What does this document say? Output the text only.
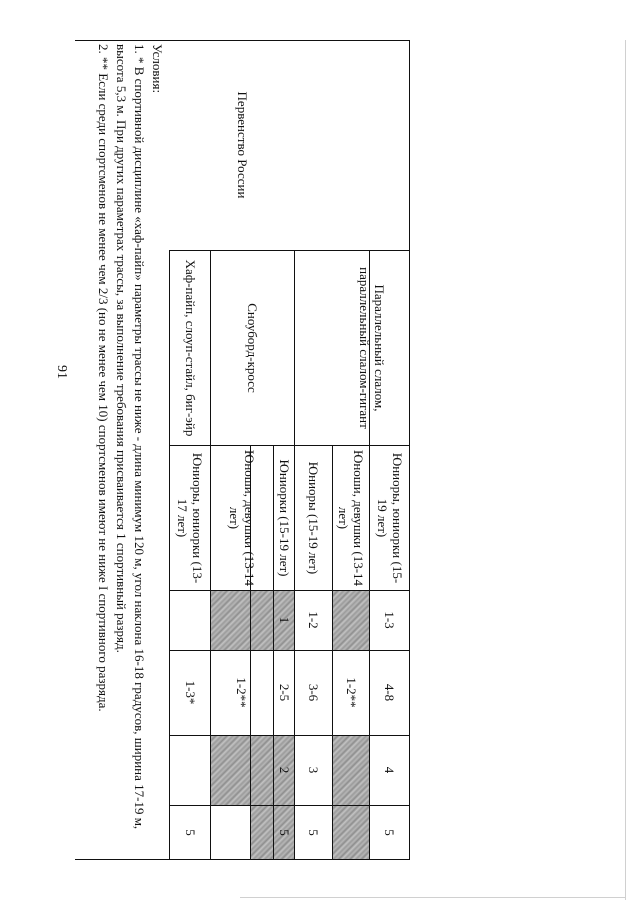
91
Первенство России
Параллельный слалом, параллельный слалом-гигант
Сноуборд-кросс
Хаф-пайп, слоуп-стайл, биг-эйр
Юниоры, юниорки (15-19 лет)
1-3
4-8
4
5
Юноши, девушки (13-14 лет)
1-2**
Юниоры (15-19 лет)
1-2
3-6
3
5
Юниорки (15-19 лет)
1
2-5
2
5
Юноши, девушки (13-14 лет)
1-2**
Юниоры, юниорки (13-17 лет)
1-3*
5

Условия:

1. * В спортивной дисциплине «хаф-пайп» параметры трассы не ниже - длина минимум 120 м, угол наклона 16-18 градусов, ширина 17-19 м, высота 5,3 м. При других параметрах трассы, за выполнение требования присваивается 1 спортивный разряд.

2. ** Если среди спортсменов не менее чем 2/3 (но не менее чем 10) спортсменов имеют не ниже I спортивного разряда.
